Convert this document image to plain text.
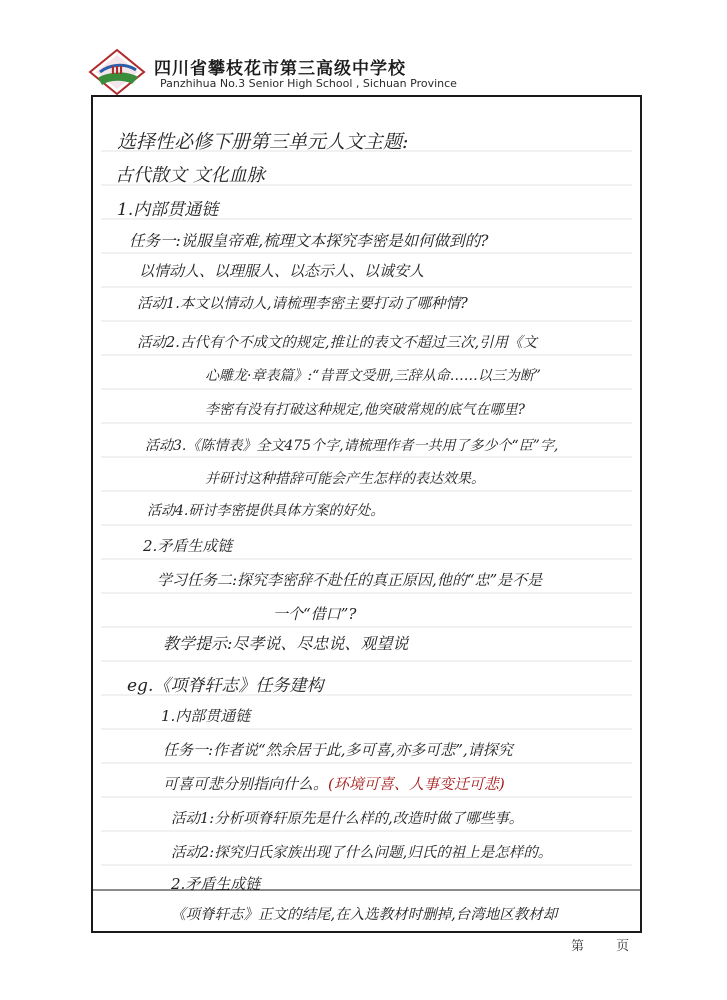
III 四川省攀枝花市第三高级中学校
Panzhihua No.3 Senior High School , Sichuan Province
选择性必修下册第三单元人文主题:
古代散文 文化血脉
1.内部贯通链
任务一:说服皇帝难,梳理文本探究李密是如何做到的?
以情动人、以理服人、以态示人、以诚安人
活动1.本文以情动人,请梳理李密主要打动了哪种情?
活动2.古代有个不成文的规定,推让的表文不超过三次,引用《文
心雕龙·章表篇》:“昔晋文受册,三辞从命……以三为断”
李密有没有打破这种规定,他突破常规的底气在哪里?
活动3.《陈情表》全文475个字,请梳理作者一共用了多少个“臣”字,
并研讨这种措辞可能会产生怎样的表达效果。
活动4.研讨李密提供具体方案的好处。
2.矛盾生成链
学习任务二:探究李密辞不赴任的真正原因,他的“忠”是不是
一个“借口”?
教学提示:尽孝说、尽忠说、观望说
eg.《项脊轩志》任务建构
1.内部贯通链
任务一:作者说“然余居于此,多可喜,亦多可悲”,请探究
可喜可悲分别指向什么。(环境可喜、人事变迁可悲)
活动1:分析项脊轩原先是什么样的,改造时做了哪些事。
活动2:探究归氏家族出现了什么问题,归氏的祖上是怎样的。
2.矛盾生成链
《项脊轩志》正文的结尾,在入选教材时删掉,台湾地区教材却
第 页
